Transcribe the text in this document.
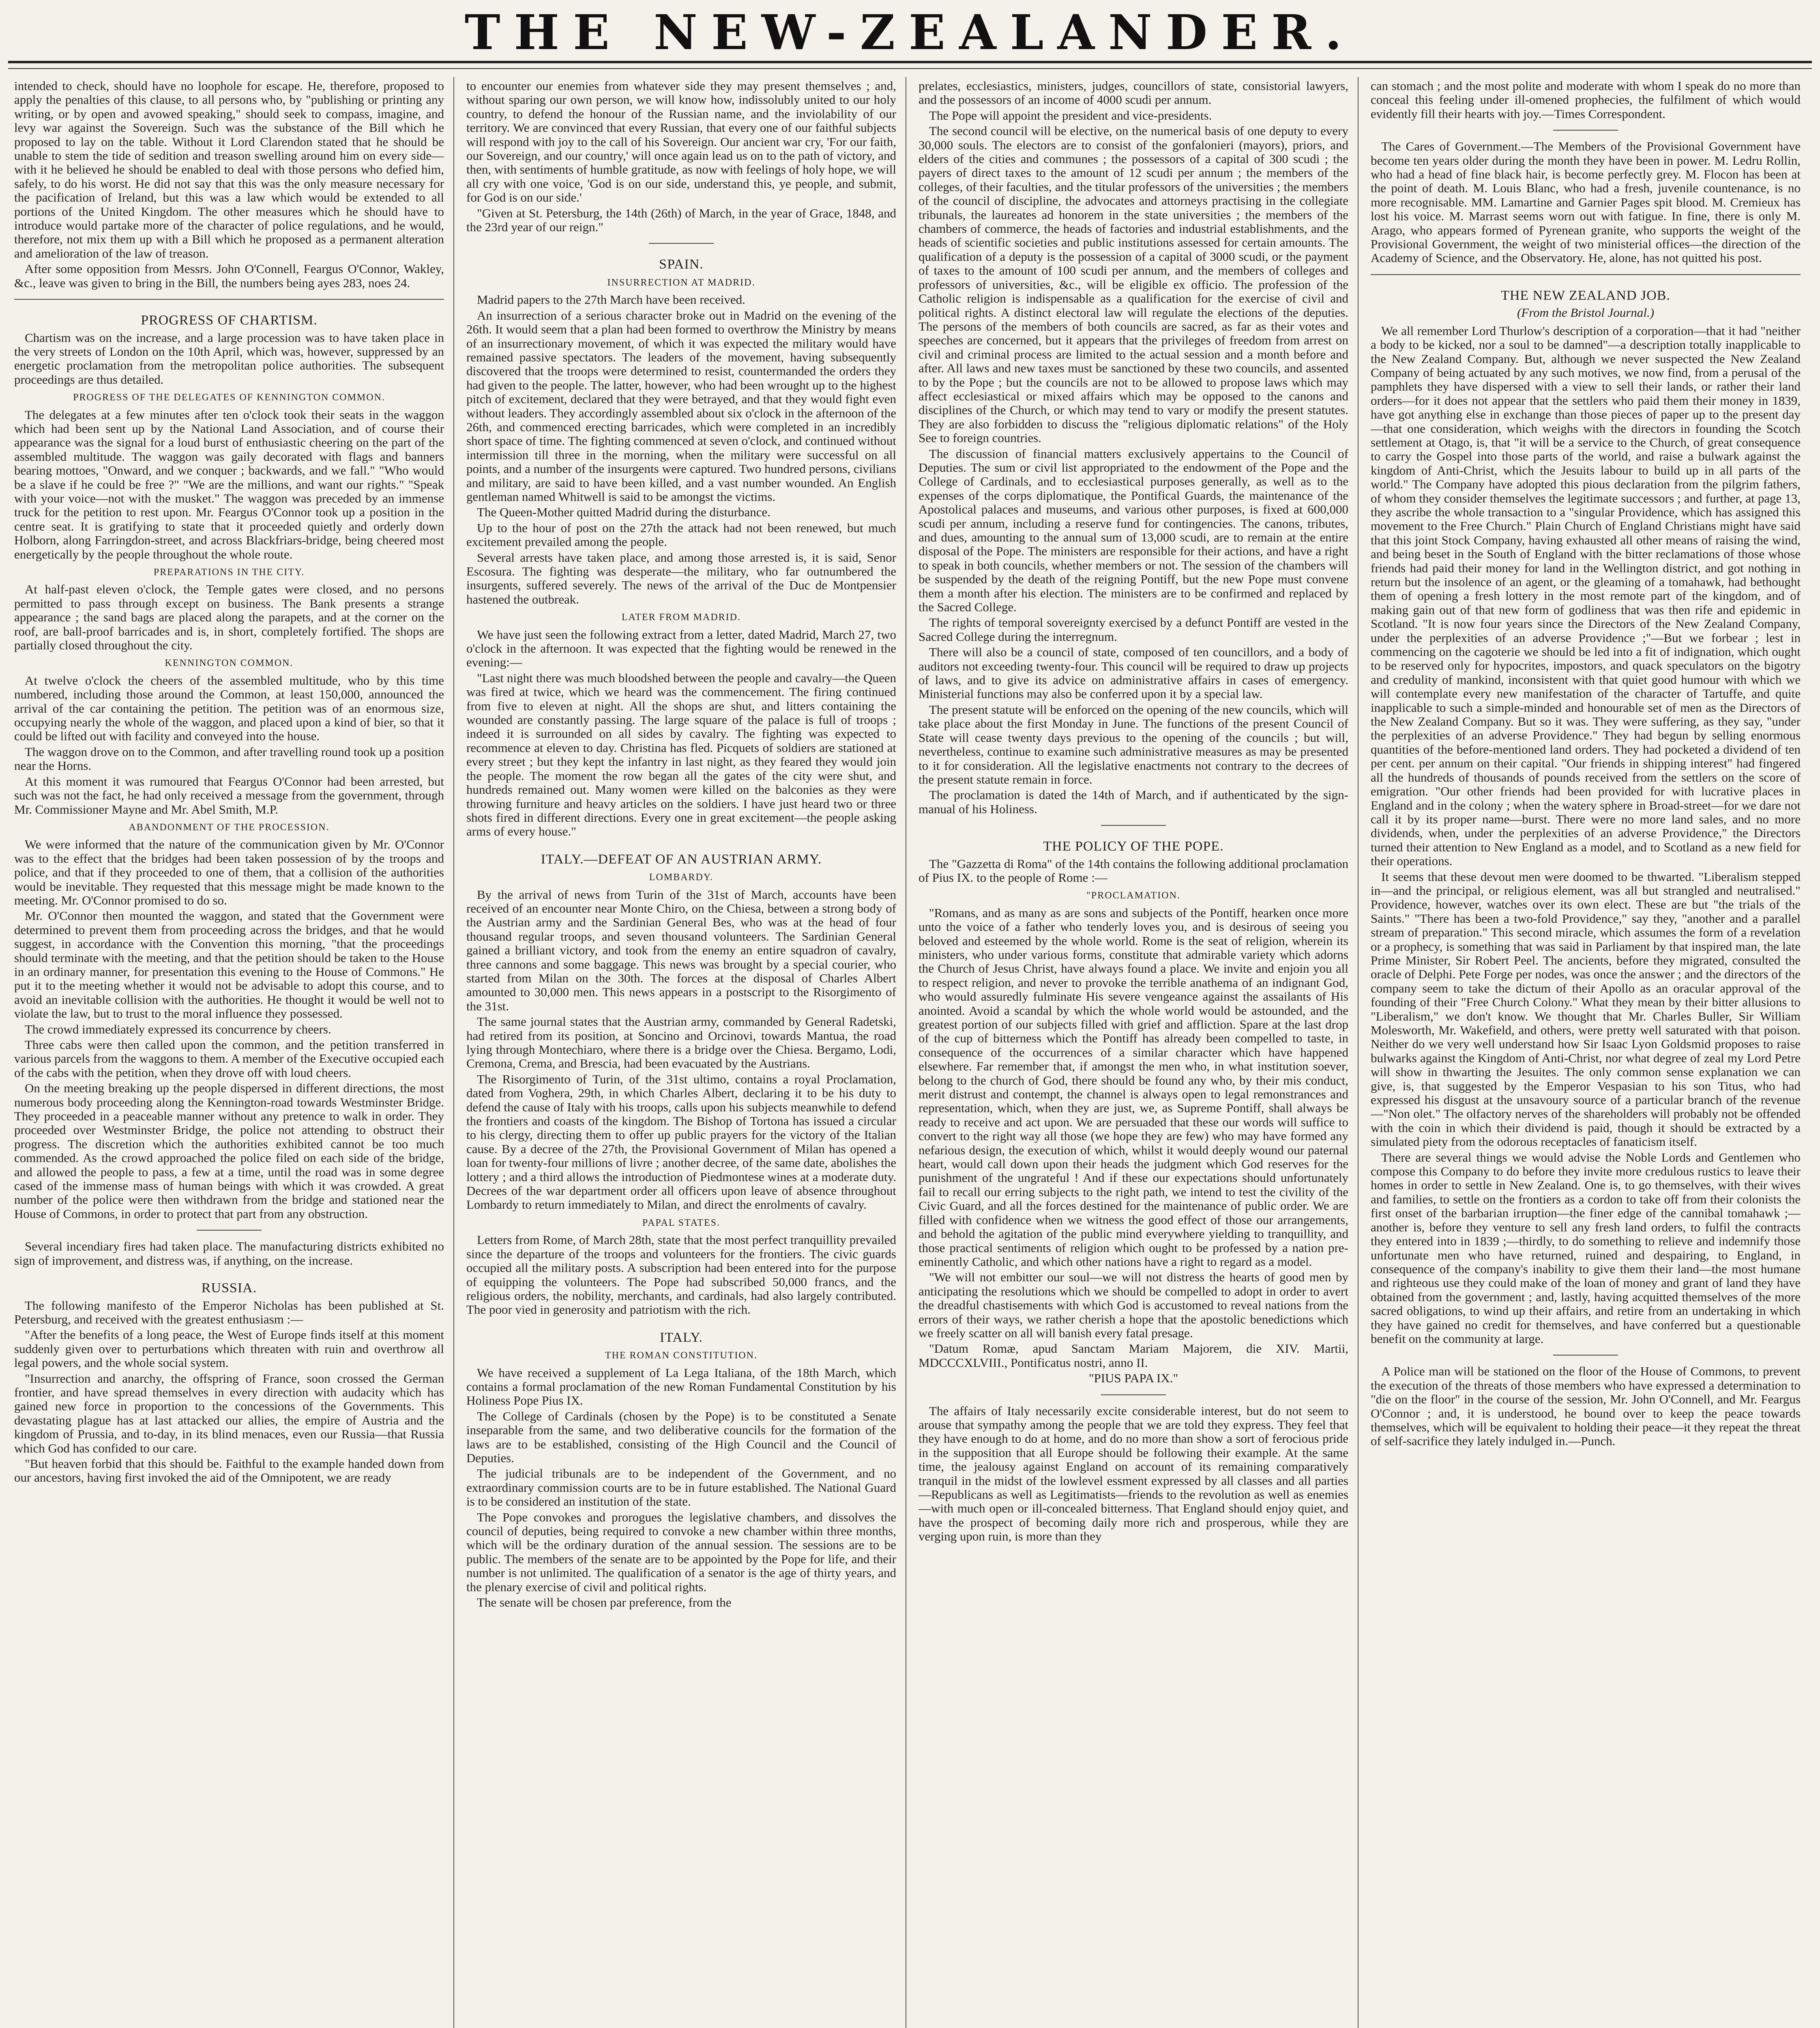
THE NEW-ZEALANDER.

intended to check, should have no loophole for escape. He, therefore, proposed to apply the penalties of this clause, to all persons who, by "publishing or printing any writing, or by open and avowed speaking," should seek to compass, imagine, and levy war against the Sovereign. Such was the substance of the Bill which he proposed to lay on the table. Without it Lord Clarendon stated that he should be unable to stem the tide of sedition and treason swelling around him on every side—with it he believed he should be enabled to deal with those persons who defied him, safely, to do his worst. He did not say that this was the only measure necessary for the pacification of Ireland, but this was a law which would be extended to all portions of the United Kingdom. The other measures which he should have to introduce would partake more of the character of police regulations, and he would, therefore, not mix them up with a Bill which he proposed as a permanent alteration and amelioration of the law of treason.

After some opposition from Messrs. John O'Connell, Feargus O'Connor, Wakley, &c., leave was given to bring in the Bill, the numbers being ayes 283, noes 24.

PROGRESS OF CHARTISM.

Chartism was on the increase, and a large procession was to have taken place in the very streets of London on the 10th April, which was, however, suppressed by an energetic proclamation from the metropolitan police authorities. The subsequent proceedings are thus detailed.

PROGRESS OF THE DELEGATES OF KENNINGTON COMMON.

The delegates at a few minutes after ten o'clock took their seats in the waggon which had been sent up by the National Land Association, and of course their appearance was the signal for a loud burst of enthusiastic cheering on the part of the assembled multitude. The waggon was gaily decorated with flags and banners bearing mottoes, "Onward, and we conquer ; backwards, and we fall." "Who would be a slave if he could be free ?" "We are the millions, and want our rights." "Speak with your voice—not with the musket." The waggon was preceded by an immense truck for the petition to rest upon. Mr. Feargus O'Connor took up a position in the centre seat. It is gratifying to state that it proceeded quietly and orderly down Holborn, along Farringdon-street, and across Blackfriars-bridge, being cheered most energetically by the people throughout the whole route.

PREPARATIONS IN THE CITY.

At half-past eleven o'clock, the Temple gates were closed, and no persons permitted to pass through except on business. The Bank presents a strange appearance ; the sand bags are placed along the parapets, and at the corner on the roof, are ball-proof barricades and is, in short, completely fortified. The shops are partially closed throughout the city.

KENNINGTON COMMON.

At twelve o'clock the cheers of the assembled multitude, who by this time numbered, including those around the Common, at least 150,000, announced the arrival of the car containing the petition. The petition was of an enormous size, occupying nearly the whole of the waggon, and placed upon a kind of bier, so that it could be lifted out with facility and conveyed into the house.

The waggon drove on to the Common, and after travelling round took up a position near the Horns.

At this moment it was rumoured that Feargus O'Connor had been arrested, but such was not the fact, he had only received a message from the government, through Mr. Commissioner Mayne and Mr. Abel Smith, M.P.

ABANDONMENT OF THE PROCESSION.

We were informed that the nature of the communication given by Mr. O'Connor was to the effect that the bridges had been taken possession of by the troops and police, and that if they proceeded to one of them, that a collision of the authorities would be inevitable. They requested that this message might be made known to the meeting. Mr. O'Connor promised to do so.

Mr. O'Connor then mounted the waggon, and stated that the Government were determined to prevent them from proceeding across the bridges, and that he would suggest, in accordance with the Convention this morning, "that the proceedings should terminate with the meeting, and that the petition should be taken to the House in an ordinary manner, for presentation this evening to the House of Commons." He put it to the meeting whether it would not be advisable to adopt this course, and to avoid an inevitable collision with the authorities. He thought it would be well not to violate the law, but to trust to the moral influence they possessed.

The crowd immediately expressed its concurrence by cheers.

Three cabs were then called upon the common, and the petition transferred in various parcels from the waggons to them. A member of the Executive occupied each of the cabs with the petition, when they drove off with loud cheers.

On the meeting breaking up the people dispersed in different directions, the most numerous body proceeding along the Kennington-road towards Westminster Bridge. They proceeded in a peaceable manner without any pretence to walk in order. They proceeded over Westminster Bridge, the police not attending to obstruct their progress. The discretion which the authorities exhibited cannot be too much commended. As the crowd approached the police filed on each side of the bridge, and allowed the people to pass, a few at a time, until the road was in some degree cased of the immense mass of human beings with which it was crowded. A great number of the police were then withdrawn from the bridge and stationed near the House of Commons, in order to protect that part from any obstruction.

Several incendiary fires had taken place. The manufacturing districts exhibited no sign of improvement, and distress was, if anything, on the increase.

RUSSIA.

The following manifesto of the Emperor Nicholas has been published at St. Petersburg, and received with the greatest enthusiasm :—

"After the benefits of a long peace, the West of Europe finds itself at this moment suddenly given over to perturbations which threaten with ruin and overthrow all legal powers, and the whole social system.

"Insurrection and anarchy, the offspring of France, soon crossed the German frontier, and have spread themselves in every direction with audacity which has gained new force in proportion to the concessions of the Governments. This devastating plague has at last attacked our allies, the empire of Austria and the kingdom of Prussia, and to-day, in its blind menaces, even our Russia—that Russia which God has confided to our care.

"But heaven forbid that this should be. Faithful to the example handed down from our ancestors, having first invoked the aid of the Omnipotent, we are ready

to encounter our enemies from whatever side they may present themselves ; and, without sparing our own person, we will know how, indissolubly united to our holy country, to defend the honour of the Russian name, and the inviolability of our territory. We are convinced that every Russian, that every one of our faithful subjects will respond with joy to the call of his Sovereign. Our ancient war cry, 'For our faith, our Sovereign, and our country,' will once again lead us on to the path of victory, and then, with sentiments of humble gratitude, as now with feelings of holy hope, we will all cry with one voice, 'God is on our side, understand this, ye people, and submit, for God is on our side.'

"Given at St. Petersburg, the 14th (26th) of March, in the year of Grace, 1848, and the 23rd year of our reign."

SPAIN.
INSURRECTION AT MADRID.

Madrid papers to the 27th March have been received.

An insurrection of a serious character broke out in Madrid on the evening of the 26th. It would seem that a plan had been formed to overthrow the Ministry by means of an insurrectionary movement, of which it was expected the military would have remained passive spectators. The leaders of the movement, having subsequently discovered that the troops were determined to resist, countermanded the orders they had given to the people. The latter, however, who had been wrought up to the highest pitch of excitement, declared that they were betrayed, and that they would fight even without leaders. They accordingly assembled about six o'clock in the afternoon of the 26th, and commenced erecting barricades, which were completed in an incredibly short space of time. The fighting commenced at seven o'clock, and continued without intermission till three in the morning, when the military were successful on all points, and a number of the insurgents were captured. Two hundred persons, civilians and military, are said to have been killed, and a vast number wounded. An English gentleman named Whitwell is said to be amongst the victims.

The Queen-Mother quitted Madrid during the disturbance.

Up to the hour of post on the 27th the attack had not been renewed, but much excitement prevailed among the people.

Several arrests have taken place, and among those arrested is, it is said, Senor Escosura. The fighting was desperate—the military, who far outnumbered the insurgents, suffered severely. The news of the arrival of the Duc de Montpensier hastened the outbreak.

LATER FROM MADRID.

We have just seen the following extract from a letter, dated Madrid, March 27, two o'clock in the afternoon. It was expected that the fighting would be renewed in the evening:—

"Last night there was much bloodshed between the people and cavalry—the Queen was fired at twice, which we heard was the commencement. The firing continued from five to eleven at night. All the shops are shut, and litters containing the wounded are constantly passing. The large square of the palace is full of troops ; indeed it is surrounded on all sides by cavalry. The fighting was expected to recommence at eleven to day. Christina has fled. Picquets of soldiers are stationed at every street ; but they kept the infantry in last night, as they feared they would join the people. The moment the row began all the gates of the city were shut, and hundreds remained out. Many women were killed on the balconies as they were throwing furniture and heavy articles on the soldiers. I have just heard two or three shots fired in different directions. Every one in great excitement—the people asking arms of every house."

ITALY.—DEFEAT OF AN AUSTRIAN ARMY.
LOMBARDY.

By the arrival of news from Turin of the 31st of March, accounts have been received of an encounter near Monte Chiro, on the Chiesa, between a strong body of the Austrian army and the Sardinian General Bes, who was at the head of four thousand regular troops, and seven thousand volunteers. The Sardinian General gained a brilliant victory, and took from the enemy an entire squadron of cavalry, three cannons and some baggage. This news was brought by a special courier, who started from Milan on the 30th. The forces at the disposal of Charles Albert amounted to 30,000 men. This news appears in a postscript to the Risorgimento of the 31st.

The same journal states that the Austrian army, commanded by General Radetski, had retired from its position, at Soncino and Orcinovi, towards Mantua, the road lying through Montechiaro, where there is a bridge over the Chiesa. Bergamo, Lodi, Cremona, Crema, and Brescia, had been evacuated by the Austrians.

The Risorgimento of Turin, of the 31st ultimo, contains a royal Proclamation, dated from Voghera, 29th, in which Charles Albert, declaring it to be his duty to defend the cause of Italy with his troops, calls upon his subjects meanwhile to defend the frontiers and coasts of the kingdom. The Bishop of Tortona has issued a circular to his clergy, directing them to offer up public prayers for the victory of the Italian cause. By a decree of the 27th, the Provisional Government of Milan has opened a loan for twenty-four millions of livre ; another decree, of the same date, abolishes the lottery ; and a third allows the introduction of Piedmontese wines at a moderate duty. Decrees of the war department order all officers upon leave of absence throughout Lombardy to return immediately to Milan, and direct the enrolments of cavalry.

PAPAL STATES.

Letters from Rome, of March 28th, state that the most perfect tranquillity prevailed since the departure of the troops and volunteers for the frontiers. The civic guards occupied all the military posts. A subscription had been entered into for the purpose of equipping the volunteers. The Pope had subscribed 50,000 francs, and the religious orders, the nobility, merchants, and cardinals, had also largely contributed. The poor vied in generosity and patriotism with the rich.

ITALY.
THE ROMAN CONSTITUTION.

We have received a supplement of La Lega Italiana, of the 18th March, which contains a formal proclamation of the new Roman Fundamental Constitution by his Holiness Pope Pius IX.

The College of Cardinals (chosen by the Pope) is to be constituted a Senate inseparable from the same, and two deliberative councils for the formation of the laws are to be established, consisting of the High Council and the Council of Deputies.

The judicial tribunals are to be independent of the Government, and no extraordinary commission courts are to be in future established. The National Guard is to be considered an institution of the state.

The Pope convokes and prorogues the legislative chambers, and dissolves the council of deputies, being required to convoke a new chamber within three months, which will be the ordinary duration of the annual session. The sessions are to be public. The members of the senate are to be appointed by the Pope for life, and their number is not unlimited. The qualification of a senator is the age of thirty years, and the plenary exercise of civil and political rights.

The senate will be chosen par preference, from the

prelates, ecclesiastics, ministers, judges, councillors of state, consistorial lawyers, and the possessors of an income of 4000 scudi per annum.

The Pope will appoint the president and vice-presidents.

The second council will be elective, on the numerical basis of one deputy to every 30,000 souls. The electors are to consist of the gonfalonieri (mayors), priors, and elders of the cities and communes ; the possessors of a capital of 300 scudi ; the payers of direct taxes to the amount of 12 scudi per annum ; the members of the colleges, of their faculties, and the titular professors of the universities ; the members of the council of discipline, the advocates and attorneys practising in the collegiate tribunals, the laureates ad honorem in the state universities ; the members of the chambers of commerce, the heads of factories and industrial establishments, and the heads of scientific societies and public institutions assessed for certain amounts. The qualification of a deputy is the possession of a capital of 3000 scudi, or the payment of taxes to the amount of 100 scudi per annum, and the members of colleges and professors of universities, &c., will be eligible ex officio. The profession of the Catholic religion is indispensable as a qualification for the exercise of civil and political rights. A distinct electoral law will regulate the elections of the deputies. The persons of the members of both councils are sacred, as far as their votes and speeches are concerned, but it appears that the privileges of freedom from arrest on civil and criminal process are limited to the actual session and a month before and after. All laws and new taxes must be sanctioned by these two councils, and assented to by the Pope ; but the councils are not to be allowed to propose laws which may affect ecclesiastical or mixed affairs which may be opposed to the canons and disciplines of the Church, or which may tend to vary or modify the present statutes. They are also forbidden to discuss the "religious diplomatic relations" of the Holy See to foreign countries.

The discussion of financial matters exclusively appertains to the Council of Deputies. The sum or civil list appropriated to the endowment of the Pope and the College of Cardinals, and to ecclesiastical purposes generally, as well as to the expenses of the corps diplomatique, the Pontifical Guards, the maintenance of the Apostolical palaces and museums, and various other purposes, is fixed at 600,000 scudi per annum, including a reserve fund for contingencies. The canons, tributes, and dues, amounting to the annual sum of 13,000 scudi, are to remain at the entire disposal of the Pope. The ministers are responsible for their actions, and have a right to speak in both councils, whether members or not. The session of the chambers will be suspended by the death of the reigning Pontiff, but the new Pope must convene them a month after his election. The ministers are to be confirmed and replaced by the Sacred College.

The rights of temporal sovereignty exercised by a defunct Pontiff are vested in the Sacred College during the interregnum.

There will also be a council of state, composed of ten councillors, and a body of auditors not exceeding twenty-four. This council will be required to draw up projects of laws, and to give its advice on administrative affairs in cases of emergency. Ministerial functions may also be conferred upon it by a special law.

The present statute will be enforced on the opening of the new councils, which will take place about the first Monday in June. The functions of the present Council of State will cease twenty days previous to the opening of the councils ; but will, nevertheless, continue to examine such administrative measures as may be presented to it for consideration. All the legislative enactments not contrary to the decrees of the present statute remain in force.

The proclamation is dated the 14th of March, and if authenticated by the sign-manual of his Holiness.

THE POLICY OF THE POPE.

The "Gazzetta di Roma" of the 14th contains the following additional proclamation of Pius IX. to the people of Rome :—

"PROCLAMATION.

"Romans, and as many as are sons and subjects of the Pontiff, hearken once more unto the voice of a father who tenderly loves you, and is desirous of seeing you beloved and esteemed by the whole world. Rome is the seat of religion, wherein its ministers, who under various forms, constitute that admirable variety which adorns the Church of Jesus Christ, have always found a place. We invite and enjoin you all to respect religion, and never to provoke the terrible anathema of an indignant God, who would assuredly fulminate His severe vengeance against the assailants of His anointed. Avoid a scandal by which the whole world would be astounded, and the greatest portion of our subjects filled with grief and affliction. Spare at the last drop of the cup of bitterness which the Pontiff has already been compelled to taste, in consequence of the occurrences of a similar character which have happened elsewhere. Far remember that, if amongst the men who, in what institution soever, belong to the church of God, there should be found any who, by their mis conduct, merit distrust and contempt, the channel is always open to legal remonstrances and representation, which, when they are just, we, as Supreme Pontiff, shall always be ready to receive and act upon. We are persuaded that these our words will suffice to convert to the right way all those (we hope they are few) who may have formed any nefarious design, the execution of which, whilst it would deeply wound our paternal heart, would call down upon their heads the judgment which God reserves for the punishment of the ungrateful ! And if these our expectations should unfortunately fail to recall our erring subjects to the right path, we intend to test the civility of the Civic Guard, and all the forces destined for the maintenance of public order. We are filled with confidence when we witness the good effect of those our arrangements, and behold the agitation of the public mind everywhere yielding to tranquillity, and those practical sentiments of religion which ought to be professed by a nation pre-eminently Catholic, and which other nations have a right to regard as a model.

"We will not embitter our soul—we will not distress the hearts of good men by anticipating the resolutions which we should be compelled to adopt in order to avert the dreadful chastisements with which God is accustomed to reveal nations from the errors of their ways, we rather cherish a hope that the apostolic benedictions which we freely scatter on all will banish every fatal presage.

"Datum Romæ, apud Sanctam Mariam Majorem, die XIV. Martii, MDCCCXLVIII., Pontificatus nostri, anno II.

"PIUS PAPA IX."

The affairs of Italy necessarily excite considerable interest, but do not seem to arouse that sympathy among the people that we are told they express. They feel that they have enough to do at home, and do no more than show a sort of ferocious pride in the supposition that all Europe should be following their example. At the same time, the jealousy against England on account of its remaining comparatively tranquil in the midst of the lowlevel essment expressed by all classes and all parties—Republicans as well as Legitimatists—friends to the revolution as well as enemies—with much open or ill-concealed bitterness. That England should enjoy quiet, and have the prospect of becoming daily more rich and prosperous, while they are verging upon ruin, is more than they

can stomach ; and the most polite and moderate with whom I speak do no more than conceal this feeling under ill-omened prophecies, the fulfilment of which would evidently fill their hearts with joy.—Times Correspondent.

The Cares of Government.—The Members of the Provisional Government have become ten years older during the month they have been in power. M. Ledru Rollin, who had a head of fine black hair, is become perfectly grey. M. Flocon has been at the point of death. M. Louis Blanc, who had a fresh, juvenile countenance, is no more recognisable. MM. Lamartine and Garnier Pages spit blood. M. Cremieux has lost his voice. M. Marrast seems worn out with fatigue. In fine, there is only M. Arago, who appears formed of Pyrenean granite, who supports the weight of the Provisional Government, the weight of two ministerial offices—the direction of the Academy of Science, and the Observatory. He, alone, has not quitted his post.

THE NEW ZEALAND JOB.
(From the Bristol Journal.)

We all remember Lord Thurlow's description of a corporation—that it had "neither a body to be kicked, nor a soul to be damned"—a description totally inapplicable to the New Zealand Company. But, although we never suspected the New Zealand Company of being actuated by any such motives, we now find, from a perusal of the pamphlets they have dispersed with a view to sell their lands, or rather their land orders—for it does not appear that the settlers who paid them their money in 1839, have got anything else in exchange than those pieces of paper up to the present day—that one consideration, which weighs with the directors in founding the Scotch settlement at Otago, is, that "it will be a service to the Church, of great consequence to carry the Gospel into those parts of the world, and raise a bulwark against the kingdom of Anti-Christ, which the Jesuits labour to build up in all parts of the world." The Company have adopted this pious declaration from the pilgrim fathers, of whom they consider themselves the legitimate successors ; and further, at page 13, they ascribe the whole transaction to a "singular Providence, which has assigned this movement to the Free Church." Plain Church of England Christians might have said that this joint Stock Company, having exhausted all other means of raising the wind, and being beset in the South of England with the bitter reclamations of those whose friends had paid their money for land in the Wellington district, and got nothing in return but the insolence of an agent, or the gleaming of a tomahawk, had bethought them of opening a fresh lottery in the most remote part of the kingdom, and of making gain out of that new form of godliness that was then rife and epidemic in Scotland. "It is now four years since the Directors of the New Zealand Company, under the perplexities of an adverse Providence ;"—But we forbear ; lest in commencing on the cagoterie we should be led into a fit of indignation, which ought to be reserved only for hypocrites, impostors, and quack speculators on the bigotry and credulity of mankind, inconsistent with that quiet good humour with which we will contemplate every new manifestation of the character of Tartuffe, and quite inapplicable to such a simple-minded and honourable set of men as the Directors of the New Zealand Company. But so it was. They were suffering, as they say, "under the perplexities of an adverse Providence." They had begun by selling enormous quantities of the before-mentioned land orders. They had pocketed a dividend of ten per cent. per annum on their capital. "Our friends in shipping interest" had fingered all the hundreds of thousands of pounds received from the settlers on the score of emigration. "Our other friends had been provided for with lucrative places in England and in the colony ; when the watery sphere in Broad-street—for we dare not call it by its proper name—burst. There were no more land sales, and no more dividends, when, under the perplexities of an adverse Providence," the Directors turned their attention to New England as a model, and to Scotland as a new field for their operations.

It seems that these devout men were doomed to be thwarted. "Liberalism stepped in—and the principal, or religious element, was all but strangled and neutralised." Providence, however, watches over its own elect. These are but "the trials of the Saints." "There has been a two-fold Providence," say they, "another and a parallel stream of preparation." This second miracle, which assumes the form of a revelation or a prophecy, is something that was said in Parliament by that inspired man, the late Prime Minister, Sir Robert Peel. The ancients, before they migrated, consulted the oracle of Delphi. Pete Forge per nodes, was once the answer ; and the directors of the company seem to take the dictum of their Apollo as an oracular approval of the founding of their "Free Church Colony." What they mean by their bitter allusions to "Liberalism," we don't know. We thought that Mr. Charles Buller, Sir William Molesworth, Mr. Wakefield, and others, were pretty well saturated with that poison. Neither do we very well understand how Sir Isaac Lyon Goldsmid proposes to raise bulwarks against the Kingdom of Anti-Christ, nor what degree of zeal my Lord Petre will show in thwarting the Jesuites. The only common sense explanation we can give, is, that suggested by the Emperor Vespasian to his son Titus, who had expressed his disgust at the unsavoury source of a particular branch of the revenue —"Non olet." The olfactory nerves of the shareholders will probably not be offended with the coin in which their dividend is paid, though it should be extracted by a simulated piety from the odorous receptacles of fanaticism itself.

There are several things we would advise the Noble Lords and Gentlemen who compose this Company to do before they invite more credulous rustics to leave their homes in order to settle in New Zealand. One is, to go themselves, with their wives and families, to settle on the frontiers as a cordon to take off from their colonists the first onset of the barbarian irruption—the finer edge of the cannibal tomahawk ;—another is, before they venture to sell any fresh land orders, to fulfil the contracts they entered into in 1839 ;—thirdly, to do something to relieve and indemnify those unfortunate men who have returned, ruined and despairing, to England, in consequence of the company's inability to give them their land—the most humane and righteous use they could make of the loan of money and grant of land they have obtained from the government ; and, lastly, having acquitted themselves of the more sacred obligations, to wind up their affairs, and retire from an undertaking in which they have gained no credit for themselves, and have conferred but a questionable benefit on the community at large.

A Police man will be stationed on the floor of the House of Commons, to prevent the execution of the threats of those members who have expressed a determination to "die on the floor" in the course of the session, Mr. John O'Connell, and Mr. Feargus O'Connor ; and, it is understood, he bound over to keep the peace towards themselves, which will be equivalent to holding their peace—it they repeat the threat of self-sacrifice they lately indulged in.—Punch.
